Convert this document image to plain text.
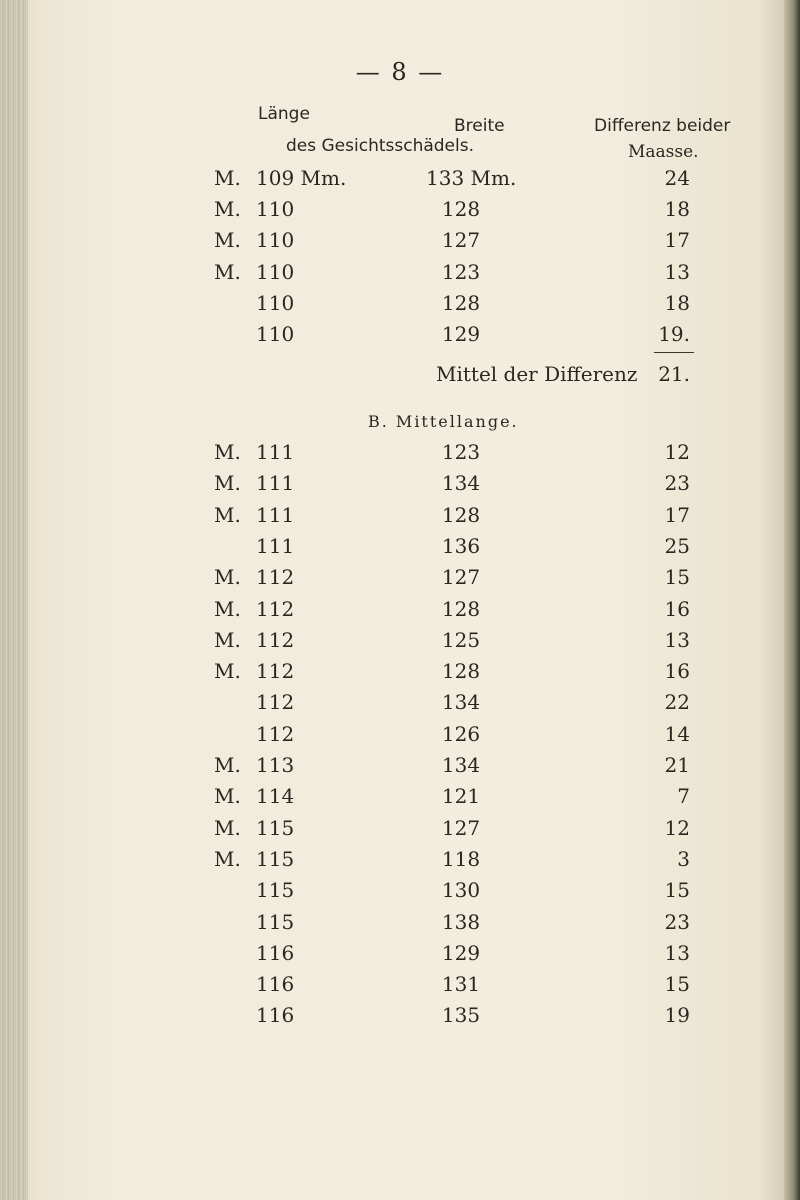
— 8 —
Länge
Breite	Differenz beider
des Gesichtsschädels.	Maasse.
M. 109 Mm.	133 Mm.	24
M. 110	128	18
M. 110	127	17
M. 110	123	13
110	128	18
110	129	19.
Mittel der Differenz	21.
B. Mittellange.
M. 111	123	12
M. 111	134	23
M. 111	128	17
111	136	25
M. 112	127	15
M. 112	128	16
M. 112	125	13
M. 112	128	16
112	134	22
112	126	14
M. 113	134	21
M. 114	121	7
M. 115	127	12
M. 115	118	3
115	130	15
115	138	23
116	129	13
116	131	15
116	135	19
